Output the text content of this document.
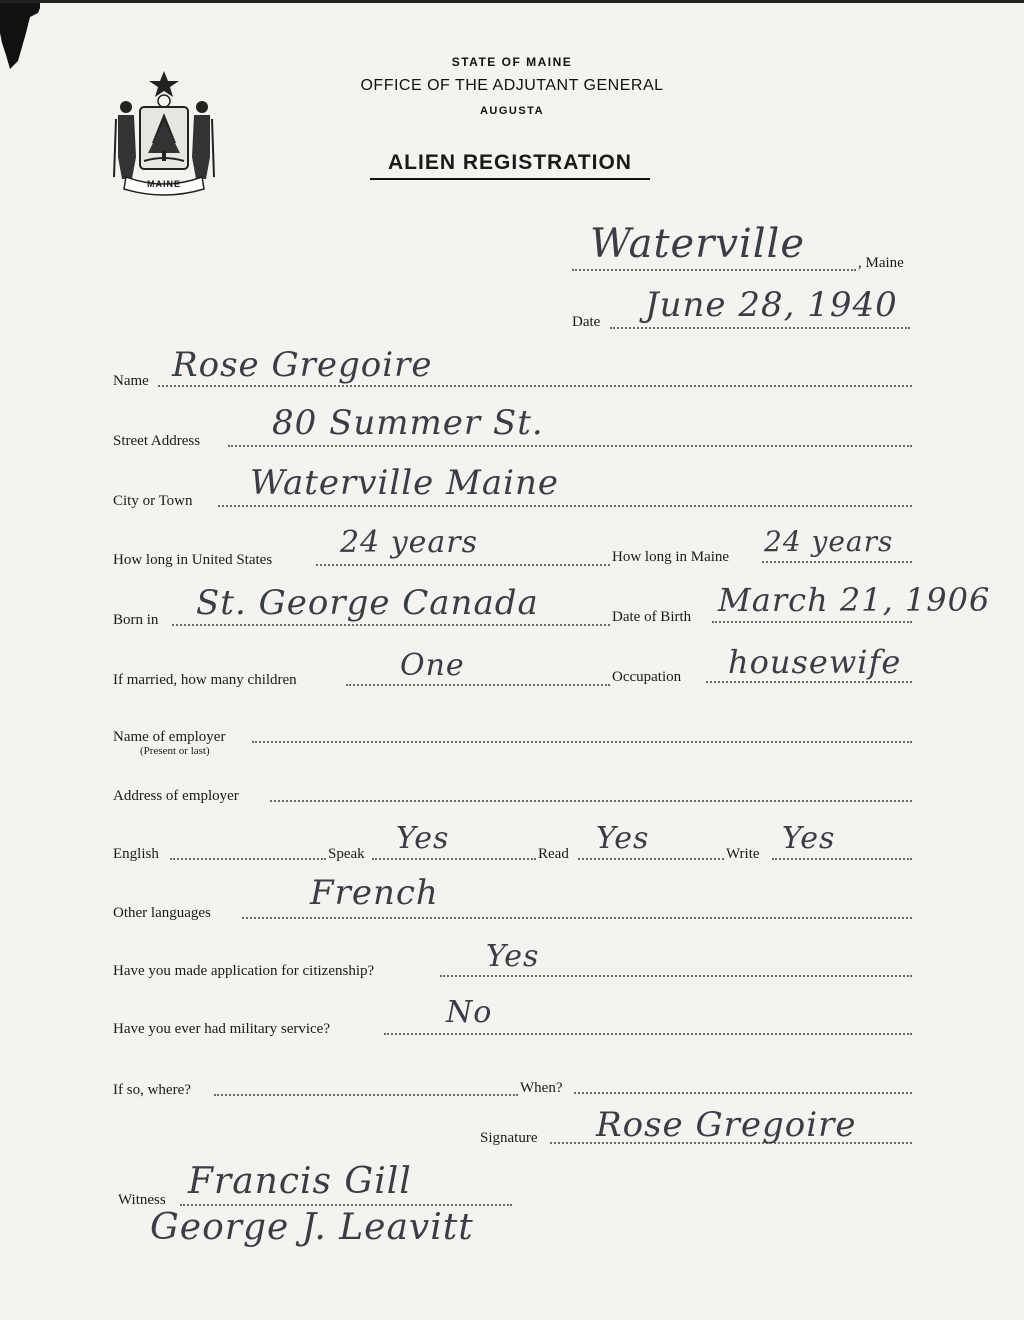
MAINE
STATE OF MAINE
OFFICE OF THE ADJUTANT GENERAL
AUGUSTA
ALIEN REGISTRATION
Waterville	, Maine
Date June 28, 1940
Name Rose Gregoire
Street Address 80 Summer St.
City or Town Waterville Maine
How long in United States 24 years	How long in Maine 24 years
Born in St. George Canada	Date of Birth March 21, 1906
If married, how many children	One	Occupation housewife
Name of employer
(Present or last)
Address of employer
English	Speak Yes	Read Yes	Write Yes
Other languages	French
Have you made application for citizenship?	Yes
Have you ever had military service?	No
If so, where?	When?
Signature Rose Gregoire
Witness Francis Gill
George J. Leavitt
